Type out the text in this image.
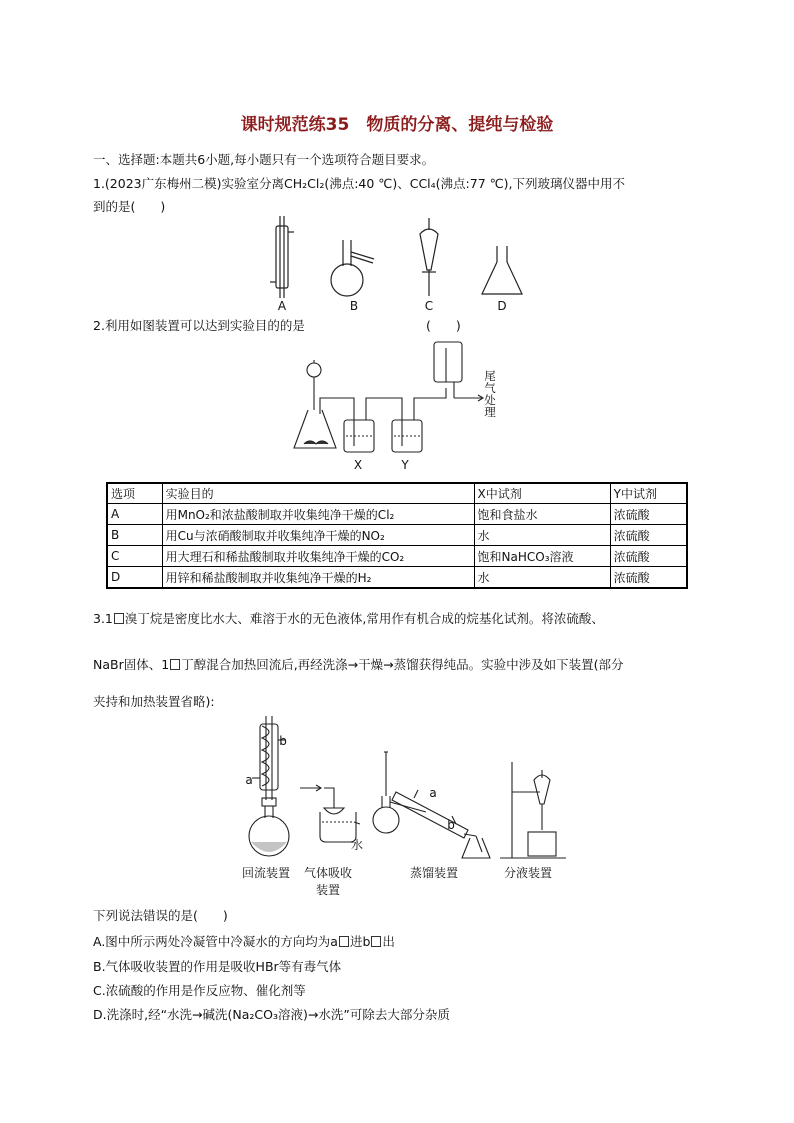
课时规范练35　物质的分离、提纯与检验
一、选择题:本题共6小题,每小题只有一个选项符合题目要求。
1.(2023广东梅州二模)实验室分离CH₂Cl₂(沸点:40 ℃)、CCl₄(沸点:77 ℃),下列玻璃仪器中用不
到的是(　　)
A	B	C	D
2.利用如图装置可以达到实验目的的是	(　　)
尾气处理
X	Y
选项	实验目的	X中试剂	Y中试剂
A	用MnO₂和浓盐酸制取并收集纯净干燥的Cl₂	饱和食盐水	浓硫酸
B	用Cu与浓硝酸制取并收集纯净干燥的NO₂	水	浓硫酸
C	用大理石和稀盐酸制取并收集纯净干燥的CO₂	饱和NaHCO₃溶液	浓硫酸
D	用锌和稀盐酸制取并收集纯净干燥的H₂	水	浓硫酸
3.1 溴丁烷是密度比水大、难溶于水的无色液体,常用作有机合成的烷基化试剂。将浓硫酸、
NaBr固体、1 丁醇混合加热回流后,再经洗涤→干燥→蒸馏获得纯品。实验中涉及如下装置(部分
夹持和加热装置省略):
b
a
水
a
b
回流装置	气体吸收
装置
蒸馏装置	分液装置
下列说法错误的是(　　)
A.图中所示两处冷凝管中冷凝水的方向均为a 进b 出
B.气体吸收装置的作用是吸收HBr等有毒气体
C.浓硫酸的作用是作反应物、催化剂等
D.洗涤时,经“水洗→碱洗(Na₂CO₃溶液)→水洗”可除去大部分杂质
